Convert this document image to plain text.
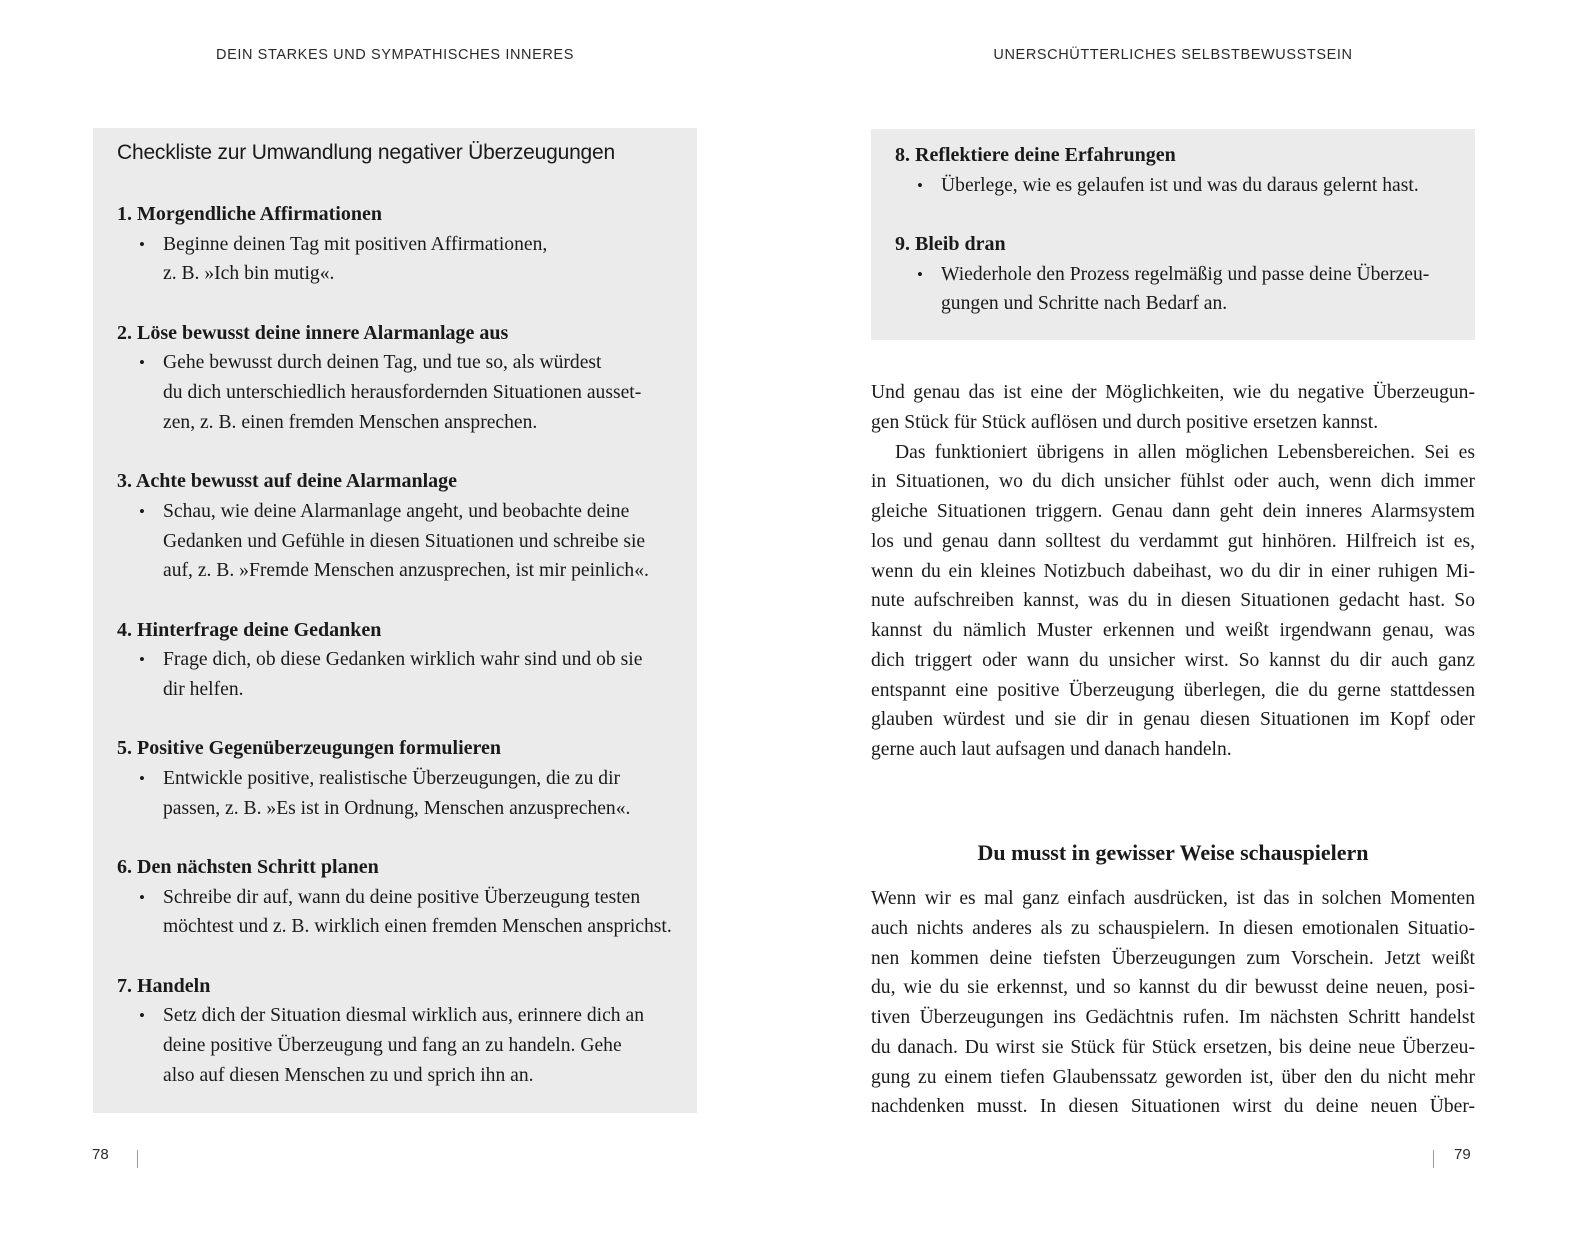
DEIN STARKES UND SYMPATHISCHES INNERES
Checkliste zur Umwandlung negativer Überzeugungen
1. Morgendliche Affirmationen
• Beginne deinen Tag mit positiven Affirmationen,
z. B. »Ich bin mutig«.
2. Löse bewusst deine innere Alarmanlage aus
• Gehe bewusst durch deinen Tag, und tue so, als würdest
du dich unterschiedlich herausfordernden Situationen ausset-
zen, z. B. einen fremden Menschen ansprechen.
3. Achte bewusst auf deine Alarmanlage
• Schau, wie deine Alarmanlage angeht, und beobachte deine
Gedanken und Gefühle in diesen Situationen und schreibe sie
auf, z. B. »Fremde Menschen anzusprechen, ist mir peinlich«.
4. Hinterfrage deine Gedanken
• Frage dich, ob diese Gedanken wirklich wahr sind und ob sie
dir helfen.
5. Positive Gegenüberzeugungen formulieren
• Entwickle positive, realistische Überzeugungen, die zu dir
passen, z. B. »Es ist in Ordnung, Menschen anzusprechen«.
6. Den nächsten Schritt planen
• Schreibe dir auf, wann du deine positive Überzeugung testen
möchtest und z. B. wirklich einen fremden Menschen ansprichst.
7. Handeln
• Setz dich der Situation diesmal wirklich aus, erinnere dich an
deine positive Überzeugung und fang an zu handeln. Gehe
also auf diesen Menschen zu und sprich ihn an.
78
UNERSCHÜTTERLICHES SELBSTBEWUSSTSEIN
8. Reflektiere deine Erfahrungen
• Überlege, wie es gelaufen ist und was du daraus gelernt hast.
9. Bleib dran
• Wiederhole den Prozess regelmäßig und passe deine Überzeu-
gungen und Schritte nach Bedarf an.
Und genau das ist eine der Möglichkeiten, wie du negative Überzeugun-
gen Stück für Stück auflösen und durch positive ersetzen kannst.
Das funktioniert übrigens in allen möglichen Lebensbereichen. Sei es
in Situationen, wo du dich unsicher fühlst oder auch, wenn dich immer
gleiche Situationen triggern. Genau dann geht dein inneres Alarmsystem
los und genau dann solltest du verdammt gut hinhören. Hilfreich ist es,
wenn du ein kleines Notizbuch dabeihast, wo du dir in einer ruhigen Mi-
nute aufschreiben kannst, was du in diesen Situationen gedacht hast. So
kannst du nämlich Muster erkennen und weißt irgendwann genau, was
dich triggert oder wann du unsicher wirst. So kannst du dir auch ganz
entspannt eine positive Überzeugung überlegen, die du gerne stattdessen
glauben würdest und sie dir in genau diesen Situationen im Kopf oder
gerne auch laut aufsagen und danach handeln.
Du musst in gewisser Weise schauspielern
Wenn wir es mal ganz einfach ausdrücken, ist das in solchen Momenten
auch nichts anderes als zu schauspielern. In diesen emotionalen Situatio-
nen kommen deine tiefsten Überzeugungen zum Vorschein. Jetzt weißt
du, wie du sie erkennst, und so kannst du dir bewusst deine neuen, posi-
tiven Überzeugungen ins Gedächtnis rufen. Im nächsten Schritt handelst
du danach. Du wirst sie Stück für Stück ersetzen, bis deine neue Überzeu-
gung zu einem tiefen Glaubenssatz geworden ist, über den du nicht mehr
nachdenken musst. In diesen Situationen wirst du deine neuen Über-
79
